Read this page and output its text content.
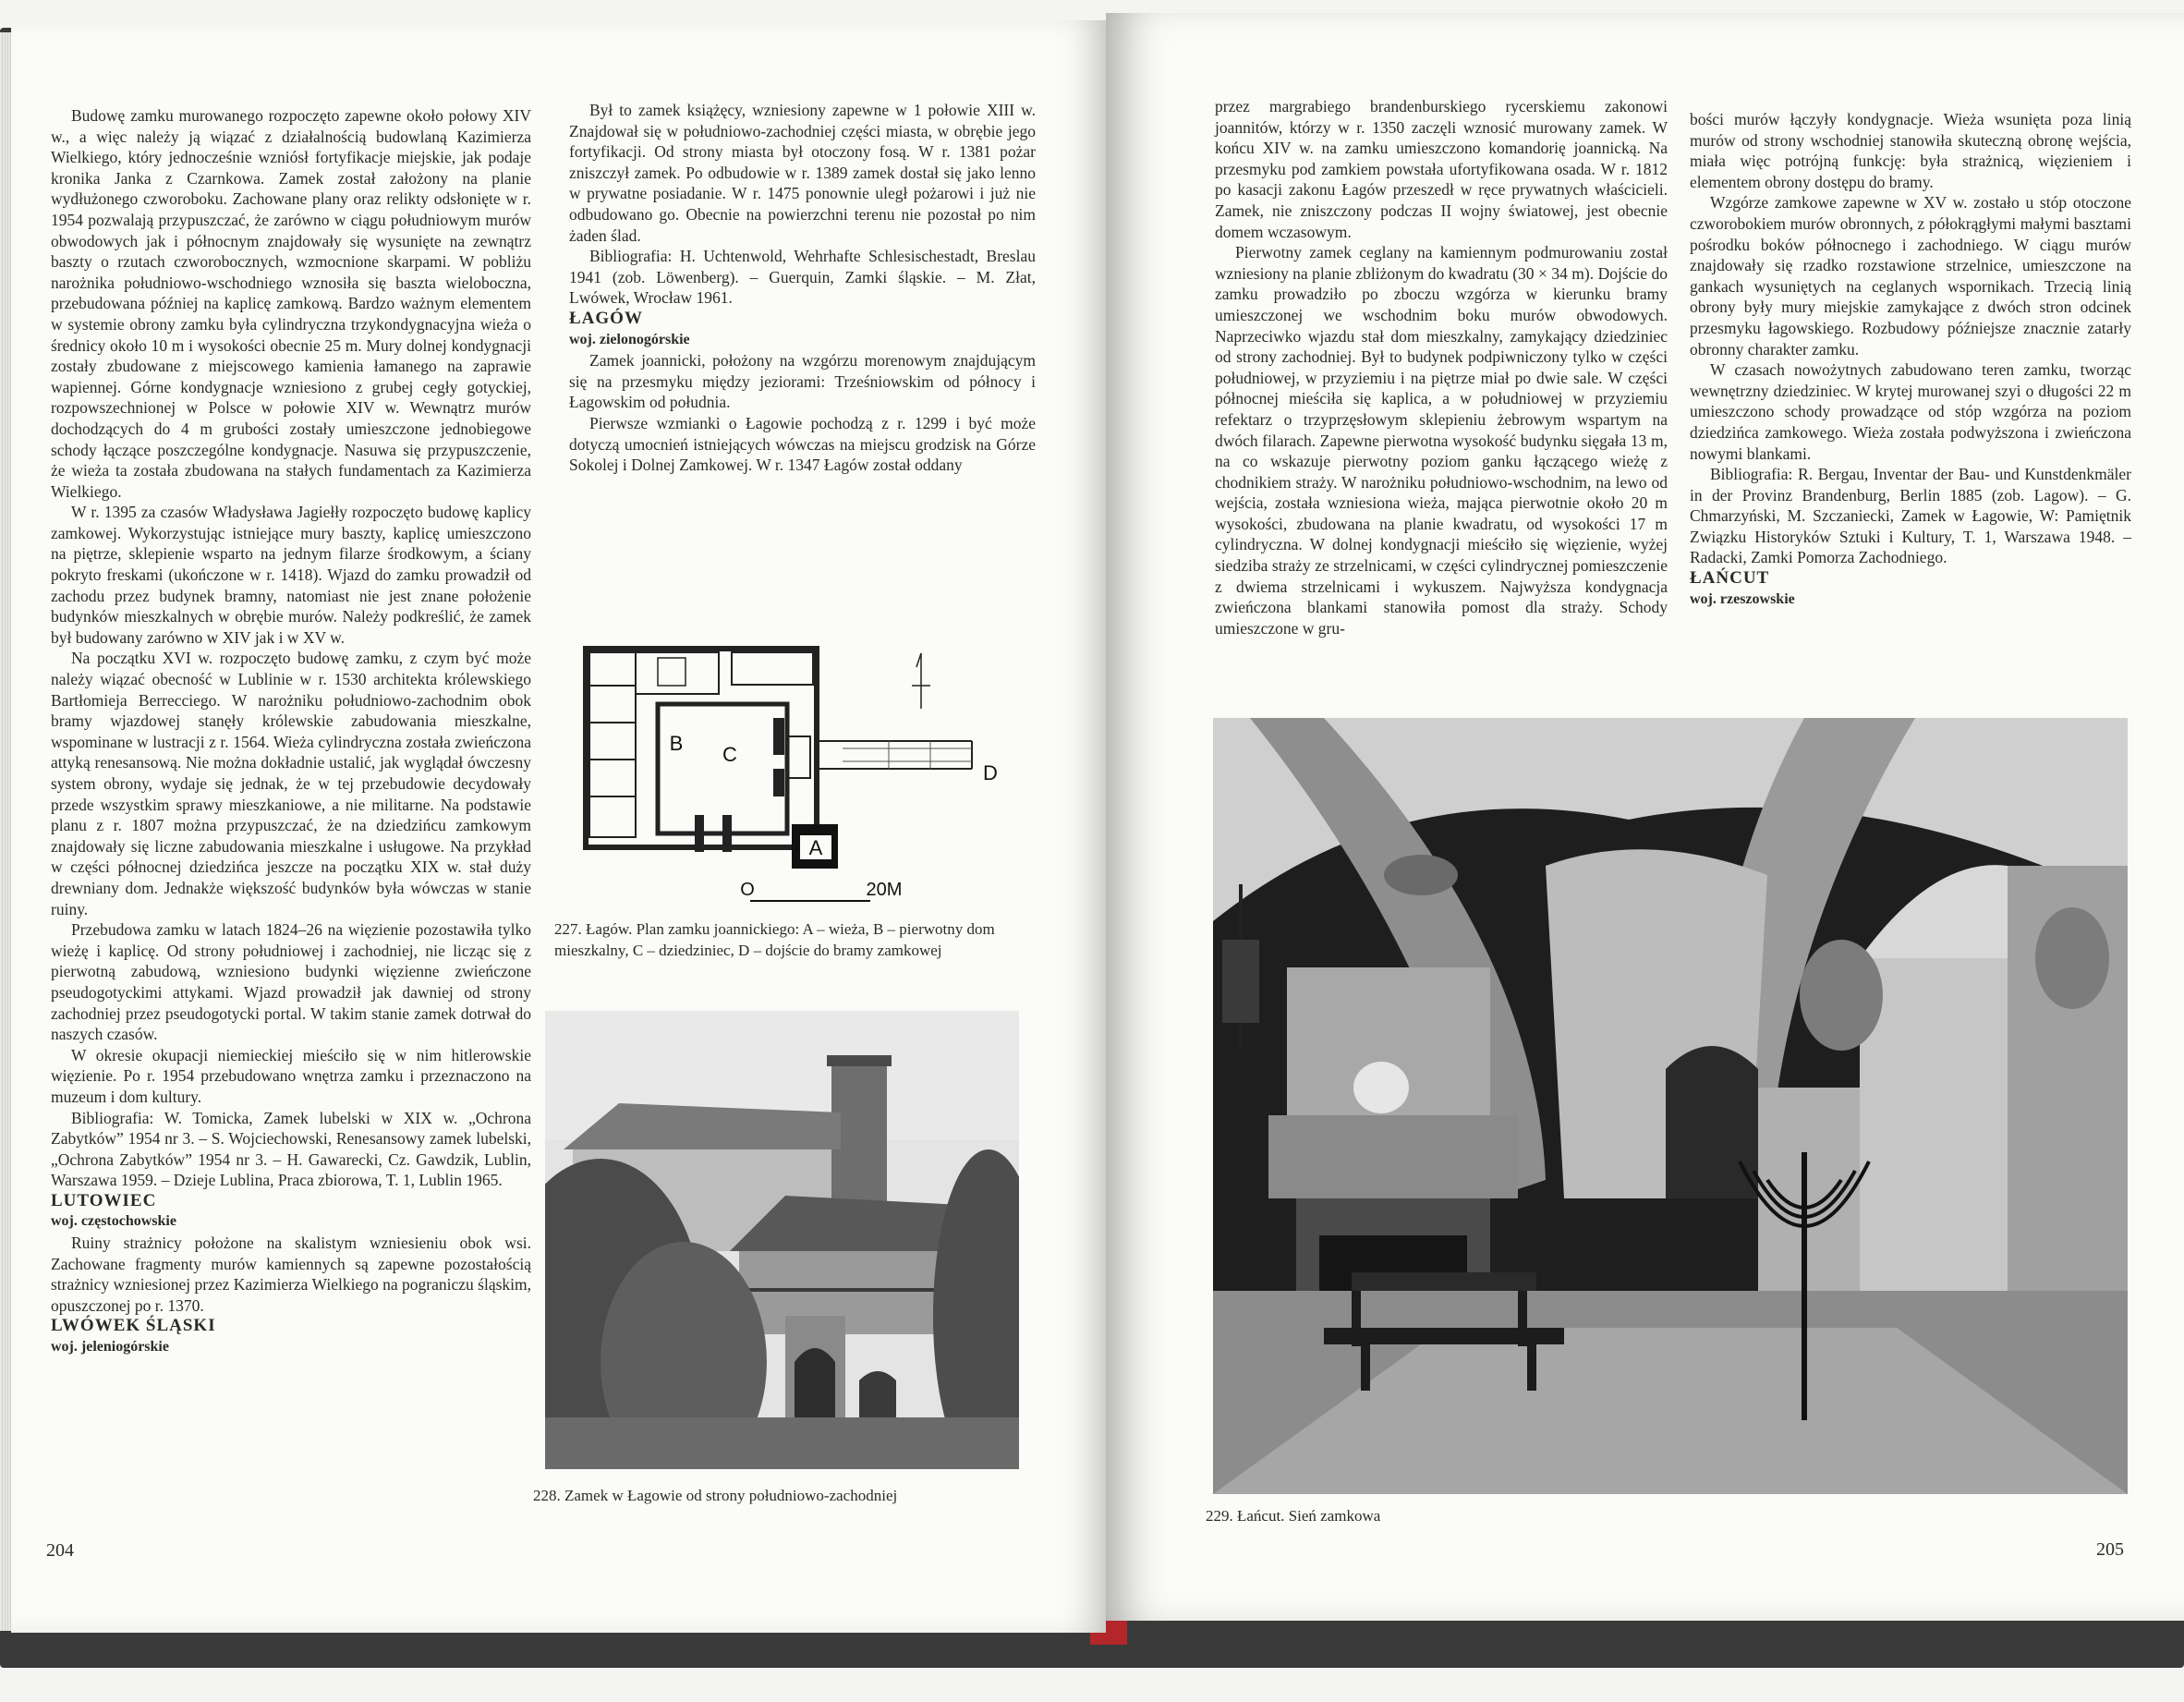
Budowę zamku murowanego rozpoczęto zapewne około połowy XIV w., a więc należy ją wiązać z działalnością budowlaną Kazimierza Wielkiego, który jednocześnie wzniósł fortyfikacje miejskie, jak podaje kronika Janka z Czarnkowa. Zamek został założony na planie wydłużonego czworoboku. Zachowane plany oraz relikty odsłonięte w r. 1954 pozwalają przypuszczać, że zarówno w ciągu południowym murów obwodowych jak i północnym znajdowały się wysunięte na zewnątrz baszty o rzutach czworobocznych, wzmocnione skarpami. W pobliżu narożnika południowo-wschodniego wznosiła się baszta wieloboczna, przebudowana później na kaplicę zamkową. Bardzo ważnym elementem w systemie obrony zamku była cylindryczna trzykondygnacyjna wieża o średnicy około 10 m i wysokości obecnie 25 m. Mury dolnej kondygnacji zostały zbudowane z miejscowego kamienia łamanego na zaprawie wapiennej. Górne kondygnacje wzniesiono z grubej cegły gotyckiej, rozpowszechnionej w Polsce w połowie XIV w. Wewnątrz murów dochodzących do 4 m grubości zostały umieszczone jednobiegowe schody łączące poszczególne kondygnacje. Nasuwa się przypuszczenie, że wieża ta została zbudowana na stałych fundamentach za Kazimierza Wielkiego.

W r. 1395 za czasów Władysława Jagiełły rozpoczęto budowę kaplicy zamkowej. Wykorzystując istniejące mury baszty, kaplicę umieszczono na piętrze, sklepienie wsparto na jednym filarze środkowym, a ściany pokryto freskami (ukończone w r. 1418). Wjazd do zamku prowadził od zachodu przez budynek bramny, natomiast nie jest znane położenie budynków mieszkalnych w obrębie murów. Należy podkreślić, że zamek był budowany zarówno w XIV jak i w XV w.

Na początku XVI w. rozpoczęto budowę zamku, z czym być może należy wiązać obecność w Lublinie w r. 1530 architekta królewskiego Bartłomieja Berrecciego. W narożniku południowo-zachodnim obok bramy wjazdowej stanęły królewskie zabudowania mieszkalne, wspominane w lustracji z r. 1564. Wieża cylindryczna została zwieńczona attyką renesansową. Nie można dokładnie ustalić, jak wyglądał ówczesny system obrony, wydaje się jednak, że w tej przebudowie decydowały przede wszystkim sprawy mieszkaniowe, a nie militarne. Na podstawie planu z r. 1807 można przypuszczać, że na dziedzińcu zamkowym znajdowały się liczne zabudowania mieszkalne i usługowe. Na przykład w części północnej dziedzińca jeszcze na początku XIX w. stał duży drewniany dom. Jednakże większość budynków była wówczas w stanie ruiny.

Przebudowa zamku w latach 1824–26 na więzienie pozostawiła tylko wieżę i kaplicę. Od strony południowej i zachodniej, nie licząc się z pierwotną zabudową, wzniesiono budynki więzienne zwieńczone pseudogotyckimi attykami. Wjazd prowadził jak dawniej od strony zachodniej przez pseudogotycki portal. W takim stanie zamek dotrwał do naszych czasów.

W okresie okupacji niemieckiej mieściło się w nim hitlerowskie więzienie. Po r. 1954 przebudowano wnętrza zamku i przeznaczono na muzeum i dom kultury.

Bibliografia: W. Tomicka, Zamek lubelski w XIX w. „Ochrona Zabytków” 1954 nr 3. – S. Wojciechowski, Renesansowy zamek lubelski, „Ochrona Zabytków” 1954 nr 3. – H. Gawarecki, Cz. Gawdzik, Lublin, Warszawa 1959. – Dzieje Lublina, Praca zbiorowa, T. 1, Lublin 1965.

LUTOWIEC

woj. częstochowskie

Ruiny strażnicy położone na skalistym wzniesieniu obok wsi. Zachowane fragmenty murów kamiennych są zapewne pozostałością strażnicy wzniesionej przez Kazimierza Wielkiego na pograniczu śląskim, opuszczonej po r. 1370.

LWÓWEK ŚLĄSKI

woj. jeleniogórskie

Był to zamek książęcy, wzniesiony zapewne w 1 połowie XIII w. Znajdował się w południowo-zachodniej części miasta, w obrębie jego fortyfikacji. Od strony miasta był otoczony fosą. W r. 1381 pożar zniszczył zamek. Po odbudowie w r. 1389 zamek dostał się jako lenno w prywatne posiadanie. W r. 1475 ponownie uległ pożarowi i już nie odbudowano go. Obecnie na powierzchni terenu nie pozostał po nim żaden ślad.

Bibliografia: H. Uchtenwold, Wehrhafte Schlesischestadt, Breslau 1941 (zob. Löwenberg). – Guerquin, Zamki śląskie. – M. Złat, Lwówek, Wrocław 1961.

ŁAGÓW

woj. zielonogórskie

Zamek joannicki, położony na wzgórzu morenowym znajdującym się na przesmyku między jeziorami: Trześniowskim od północy i Łagowskim od południa.

Pierwsze wzmianki o Łagowie pochodzą z r. 1299 i być może dotyczą umocnień istniejących wówczas na miejscu grodzisk na Górze Sokolej i Dolnej Zamkowej. W r. 1347 Łagów został oddany

A
B C
D
O	20M
227. Łagów. Plan zamku joannickiego: A – wieża, B – pierwotny dom mieszkalny, C – dziedziniec, D – dojście do bramy zamkowej
228. Zamek w Łagowie od strony południowo-zachodniej
204

przez margrabiego brandenburskiego rycerskiemu zakonowi joannitów, którzy w r. 1350 zaczęli wznosić murowany zamek. W końcu XIV w. na zamku umieszczono komandorię joannicką. Na przesmyku pod zamkiem powstała ufortyfikowana osada. W r. 1812 po kasacji zakonu Łagów przeszedł w ręce prywatnych właścicieli. Zamek, nie zniszczony podczas II wojny światowej, jest obecnie domem wczasowym.

Pierwotny zamek ceglany na kamiennym podmurowaniu został wzniesiony na planie zbliżonym do kwadratu (30 × 34 m). Dojście do zamku prowadziło po zboczu wzgórza w kierunku bramy umieszczonej we wschodnim boku murów obwodowych. Naprzeciwko wjazdu stał dom mieszkalny, zamykający dziedziniec od strony zachodniej. Był to budynek podpiwniczony tylko w części południowej, w przyziemiu i na piętrze miał po dwie sale. W części północnej mieściła się kaplica, a w południowej w przyziemiu refektarz o trzyprzęsłowym sklepieniu żebrowym wspartym na dwóch filarach. Zapewne pierwotna wysokość budynku sięgała 13 m, na co wskazuje pierwotny poziom ganku łączącego wieżę z chodnikiem straży. W narożniku południowo-wschodnim, na lewo od wejścia, została wzniesiona wieża, mająca pierwotnie około 20 m wysokości, zbudowana na planie kwadratu, od wysokości 17 m cylindryczna. W dolnej kondygnacji mieściło się więzienie, wyżej siedziba straży ze strzelnicami, w części cylindrycznej pomieszczenie z dwiema strzelnicami i wykuszem. Najwyższa kondygnacja zwieńczona blankami stanowiła pomost dla straży. Schody umieszczone w gru-

bości murów łączyły kondygnacje. Wieża wsunięta poza linią murów od strony wschodniej stanowiła skuteczną obronę wejścia, miała więc potrójną funkcję: była strażnicą, więzieniem i elementem obrony dostępu do bramy.

Wzgórze zamkowe zapewne w XV w. zostało u stóp otoczone czworobokiem murów obronnych, z półokrągłymi małymi basztami pośrodku boków północnego i zachodniego. W ciągu murów znajdowały się rzadko rozstawione strzelnice, umieszczone na gankach wysuniętych na ceglanych wspornikach. Trzecią linią obrony były mury miejskie zamykające z dwóch stron odcinek przesmyku łagowskiego. Rozbudowy późniejsze znacznie zatarły obronny charakter zamku.

W czasach nowożytnych zabudowano teren zamku, tworząc wewnętrzny dziedziniec. W krytej murowanej szyi o długości 22 m umieszczono schody prowadzące od stóp wzgórza na poziom dziedzińca zamkowego. Wieża została podwyższona i zwieńczona nowymi blankami.

Bibliografia: R. Bergau, Inventar der Bau- und Kunstdenkmäler in der Provinz Brandenburg, Berlin 1885 (zob. Lagow). – G. Chmarzyński, M. Szczaniecki, Zamek w Łagowie, W: Pamiętnik Związku Historyków Sztuki i Kultury, T. 1, Warszawa 1948. – Radacki, Zamki Pomorza Zachodniego.

ŁAŃCUT

woj. rzeszowskie

229. Łańcut. Sień zamkowa
205
